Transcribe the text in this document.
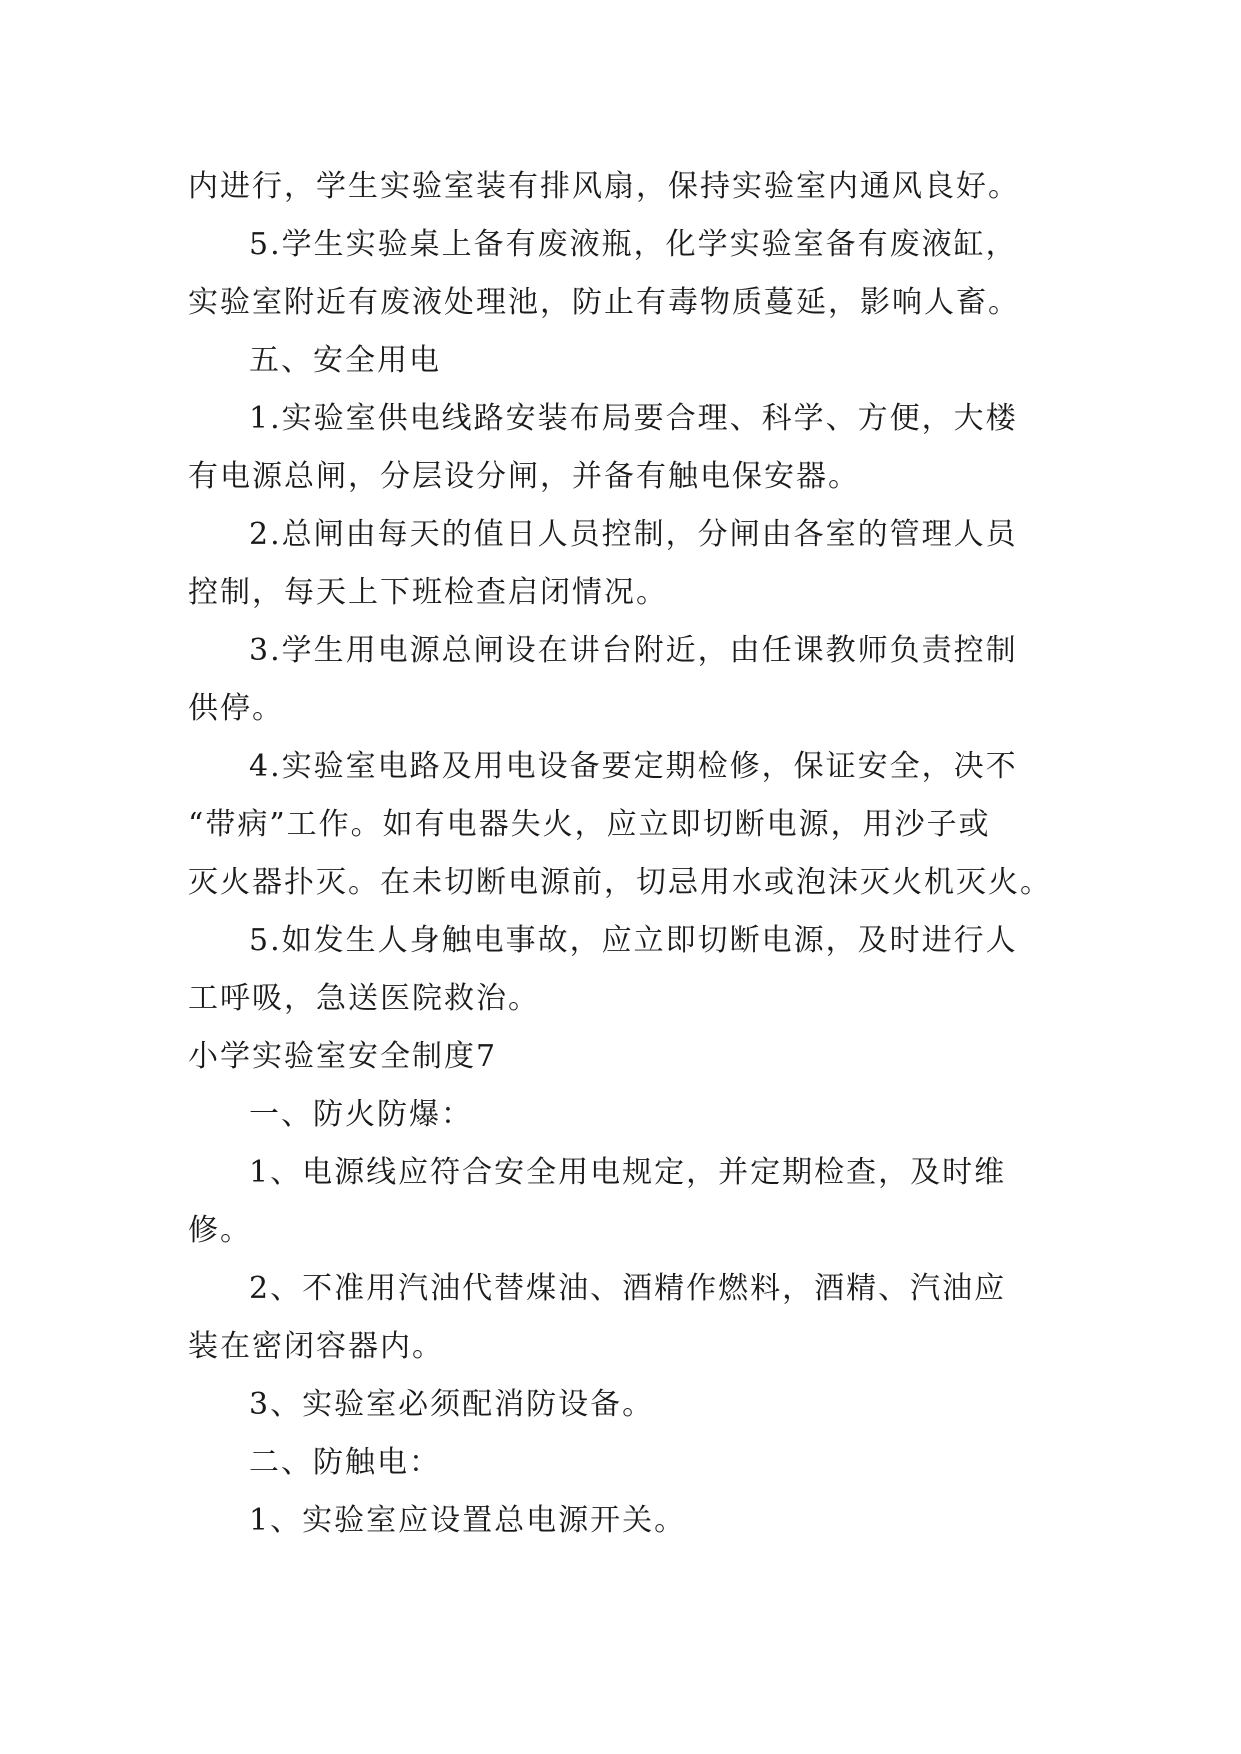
内进行，学生实验室装有排风扇，保持实验室内通风良好。
5.学生实验桌上备有废液瓶，化学实验室备有废液缸，
实验室附近有废液处理池，防止有毒物质蔓延，影响人畜。
五、安全用电
1.实验室供电线路安装布局要合理、科学、方便，大楼
有电源总闸，分层设分闸，并备有触电保安器。
2.总闸由每天的值日人员控制，分闸由各室的管理人员
控制，每天上下班检查启闭情况。
3.学生用电源总闸设在讲台附近，由任课教师负责控制
供停。
4.实验室电路及用电设备要定期检修，保证安全，决不
“带病”工作。如有电器失火，应立即切断电源，用沙子或
灭火器扑灭。在未切断电源前，切忌用水或泡沫灭火机灭火。
5.如发生人身触电事故，应立即切断电源，及时进行人
工呼吸，急送医院救治。
小学实验室安全制度7
一、防火防爆：
1、电源线应符合安全用电规定，并定期检查，及时维
修。
2、不准用汽油代替煤油、酒精作燃料，酒精、汽油应
装在密闭容器内。
3、实验室必须配消防设备。
二、防触电：
1、实验室应设置总电源开关。
